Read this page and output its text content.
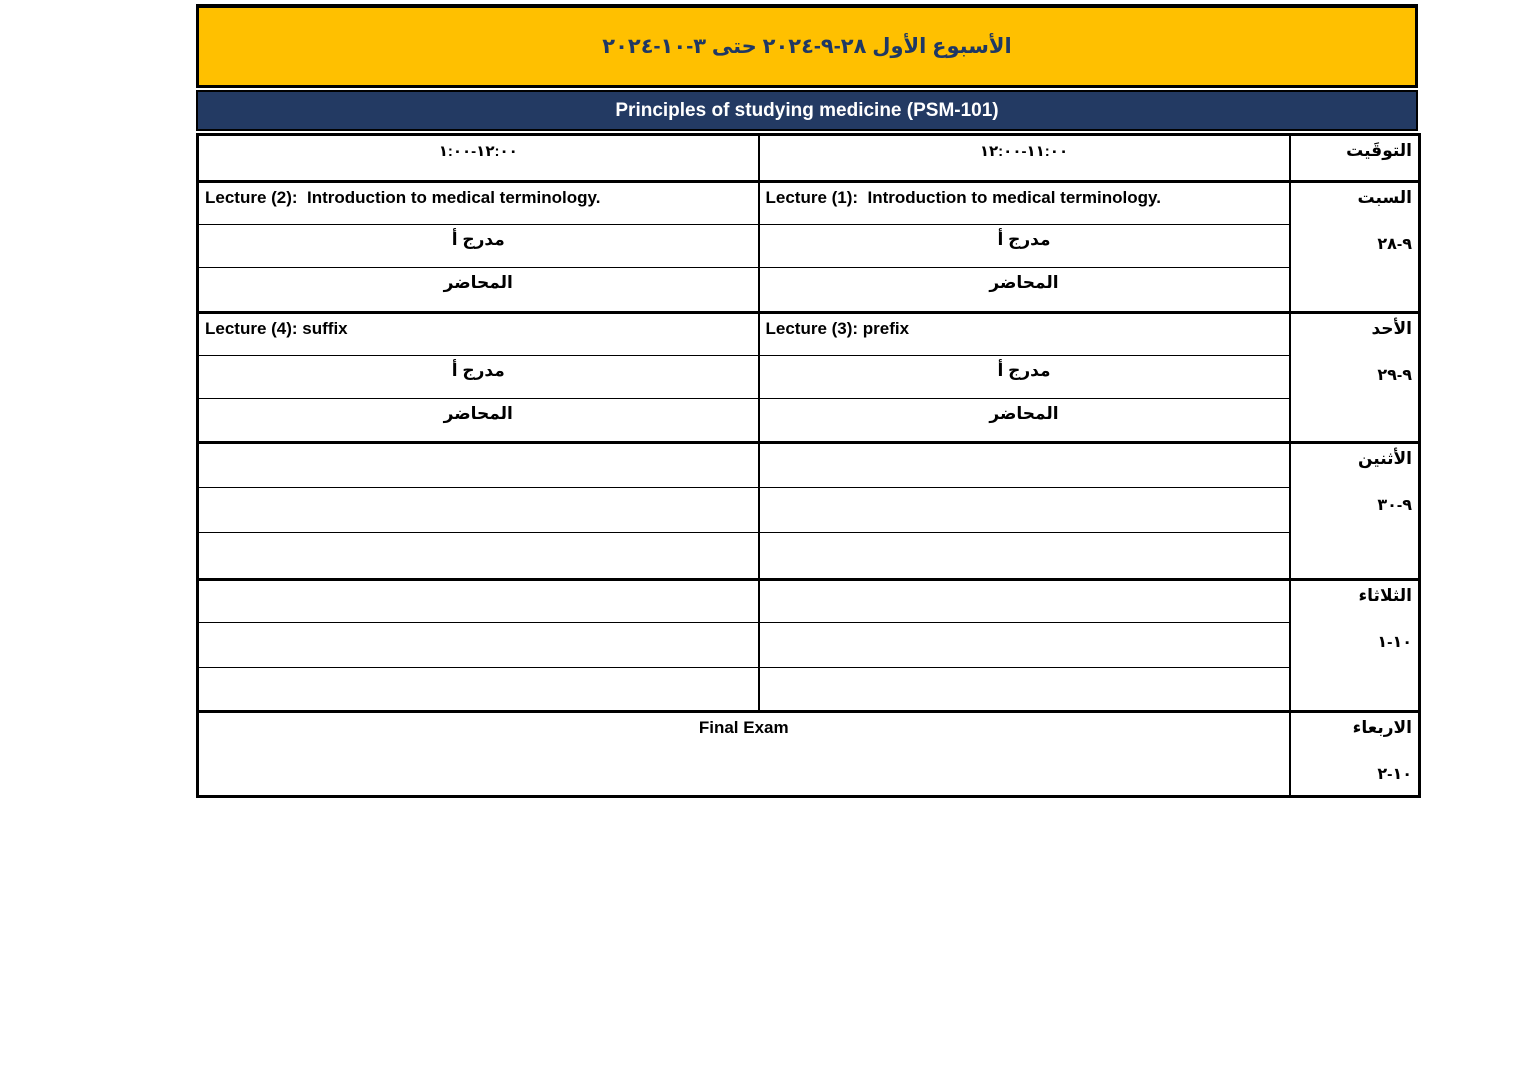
الأسبوع الأول ٢٨-٩-٢٠٢٤ حتى ٣-١٠-٢٠٢٤
Principles of studying medicine (PSM-101)
التوقَيت	١١:٠٠-١٢:٠٠	١٢:٠٠-١:٠٠

السبت
٩-٢٨	Lecture (1):  Introduction to medical terminology.	Lecture (2):  Introduction to medical terminology.
	مدرج أ	مدرج أ
	المحاضر	المحاضر

الأحد
٩-٢٩	Lecture (3): prefix	Lecture (4): suffix
	مدرج أ	مدرج أ
	المحاضر	المحاضر

الأثنين
٩-٣٠		

الثلاثاء
١٠-١		

الاربعاء
١٠-٢	Final Exam	
